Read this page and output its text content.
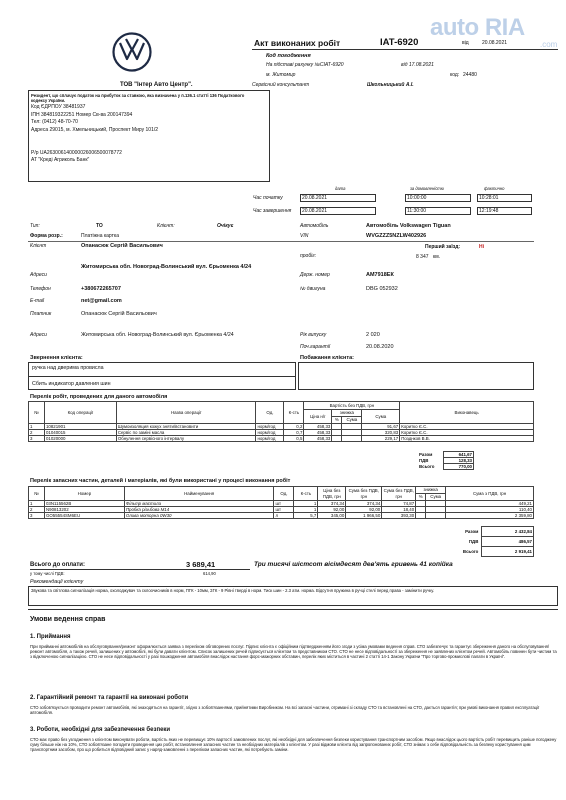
auto RIA
.com
Акт виконаних робіт	IAT-6920	від	20.08.2021
Код погодження
На підставі рахунку №СІАТ-6920	від 17.08.2021
м. Житомир	код: 24480
Сервісний консультант	Школьницький А.І.
ТОВ "Інтер Авто Центр".
Резидент, що сплачує податок на прибуток за ставкою, яка визначена у п.136.1 статті 136 Податкового кодексу України.
Код ЄДРПОУ 38481937
ІПН 384819322251 Номер Св-ва 200147394
Тел: (0412) 48-70-70
Адреса 29015, м. Хмельницький, Проспект Миру 101/2
Р/р UA263006140000026006500078772
АТ "Кредi Агриколь Банк"
дата	за домовленістю	фактично
Час початку	20.08.2021	10:00:00	10:28:01
Час завершення	20.08.2021	11:30:00	12:19:48
Тип:	ТО	Клієнт:	Очікує	Автомобіль	Автомобіль Volkswagen Tiguan
Форма розр.:	Платіжна картка	VIN	WVGZZZ5NZLW402926
Клієнт	Опанасюк Сергій Васильович	Перший заїзд:	Ні
пробіг:	8 347 км.
Житомирська обл. Новоград-Волинський вул. Єрьоменка 4/24
Адреси	Держ. номер	АМ7918ЕК
Телефон	+380672265707	№ двигуна	DBG 052932
E-mail	net@gmail.com
Платник	Опанасюк Сергій Васильович
Адреси	Житомирська обл. Новоград-Волинський вул. Єрьоменка 4/24	Рік випуску	2 020
Поч.гарантії	20.08.2020
Звернення клієнта:
ручка над дверима провисла
Сбить индикатор давления шин
Побажання клієнта:
Перелік робіт, проведених для даного автомобіля
№	Код операції	Назва операції	Од.	К-сть	Вартість без ПДВ, грн				Виконавець
					Ціна н/г	знижка		Сума	
						%	Сума		
1	10821901	Шумоизоляция кожух зняти/встановити	норм/год	0,2	458,33			91,67	Коритко Є.С.
2	01040015	Сервіс по заміні масла	норм/год	0,7	458,33			320,83	Коритко Є.С.
3	01020000	Обнулення сервісного інтервалу	норм/год	0,5	458,33			229,17	Позднков В.В.
Разом	641,67
ПДВ	128,33
Всього	770,00
Перелік запасних частин, деталей і матеріалів, які були використані у процесі виконання робіт
№	Номер	Найменування	Од.	К-сть	Ціна без ПДВ, грн	Сума без ПДВ, грн	Сума без ПДВ, грн	знижка		Сума з ПДВ, грн
								%	Сума	
1	03N115562B	Фільтр мастила	шт	1	374,34	374,34	74,87			449,21
2	N90813202	Пробка різьбова M14	шт	1	92,00	92,00	18,40			110,40
3	GO55554SM6EU	Олива моторна 0W30	л	5,7	345,00	1 966,50	393,30			2 359,80
Разом	2 432,84
ПДВ	486,57
Всього	2 919,41
Всього до оплати:	3 689,41	Три тисячі шістсот вісімдесят дев'ять гривень 41 копійка
у тому числі ПДВ:	614,90
Рекомендації клієнту
Звукова та світлова сигналізація норма, охолоджувач та склоочисників в норм, ПГК - 10мм, ЗГК - 9 Рівні тверді в норм. Тиск шин - 2.3 атм. норма. Відсутня пружина в ручці стелі перед права - замінити ручку.
Умови ведення справ
1. Приймання
При прийманні автомобілів на обслуговування/ремонт оформлюється заявка з переліком обговорених послуг. Підпис клієнта є офіційним підтвердженням його згоди з усіма умовами ведення справ. СТО забезпечує та гарантує збереження даного на обслуговування/ремонт автомобіля, а також речей, залишених у автомобілі, які були давати клієнтом. Список залишених речей підписується клієнтом та представником СТО. СТО не несе відповідальності за збереження не заявлених клієнтом речей. Автомобіль повинен бути чистим та з відключеною сигналізацією. СТО не несе відповідальності у разі пошкодження автомобіля внаслідок настання форс-мажорних обставин, перелік яких міститься в частині 2 статті 14-1 Закону України "Про торгово-промислові палати в Україні".
2. Гарантійний ремонт та гарантії на виконані роботи
СТО зобов'язується проводити ремонт автомобілів, які знаходяться на гарантії, згідно з зобов'язаннями, прийнятими Виробником. На всі запасні частини, отримані зі складу СТО та встановлені на СТО, дається гарантія; при умові виконання правил експлуатації автомобіля.
3. Роботи, необхідні для забезпечення безпеки
СТО має право без узгодження з клієнтом виконувати роботи, вартість яких не перевищує 10% вартості замовлених послуг, які необхідні для забезпечення безпеки користування транспортним засобом. Якщо внаслідок цього вартість робіт перевищить раніше погоджену суму більше ніж на 10%, СТО зобов'язане погодити проведення цих робіт, встановлення запасних частин та необхідних матеріалів з клієнтом. У разі відмови клієнта від запропонованих робіт, СТО знімає з себе відповідальність за безпеку користування цим транспортним засобом, про що робиться відповідний запис у наряд-замовленні з переліком запасних частин, які потребують заміни.
